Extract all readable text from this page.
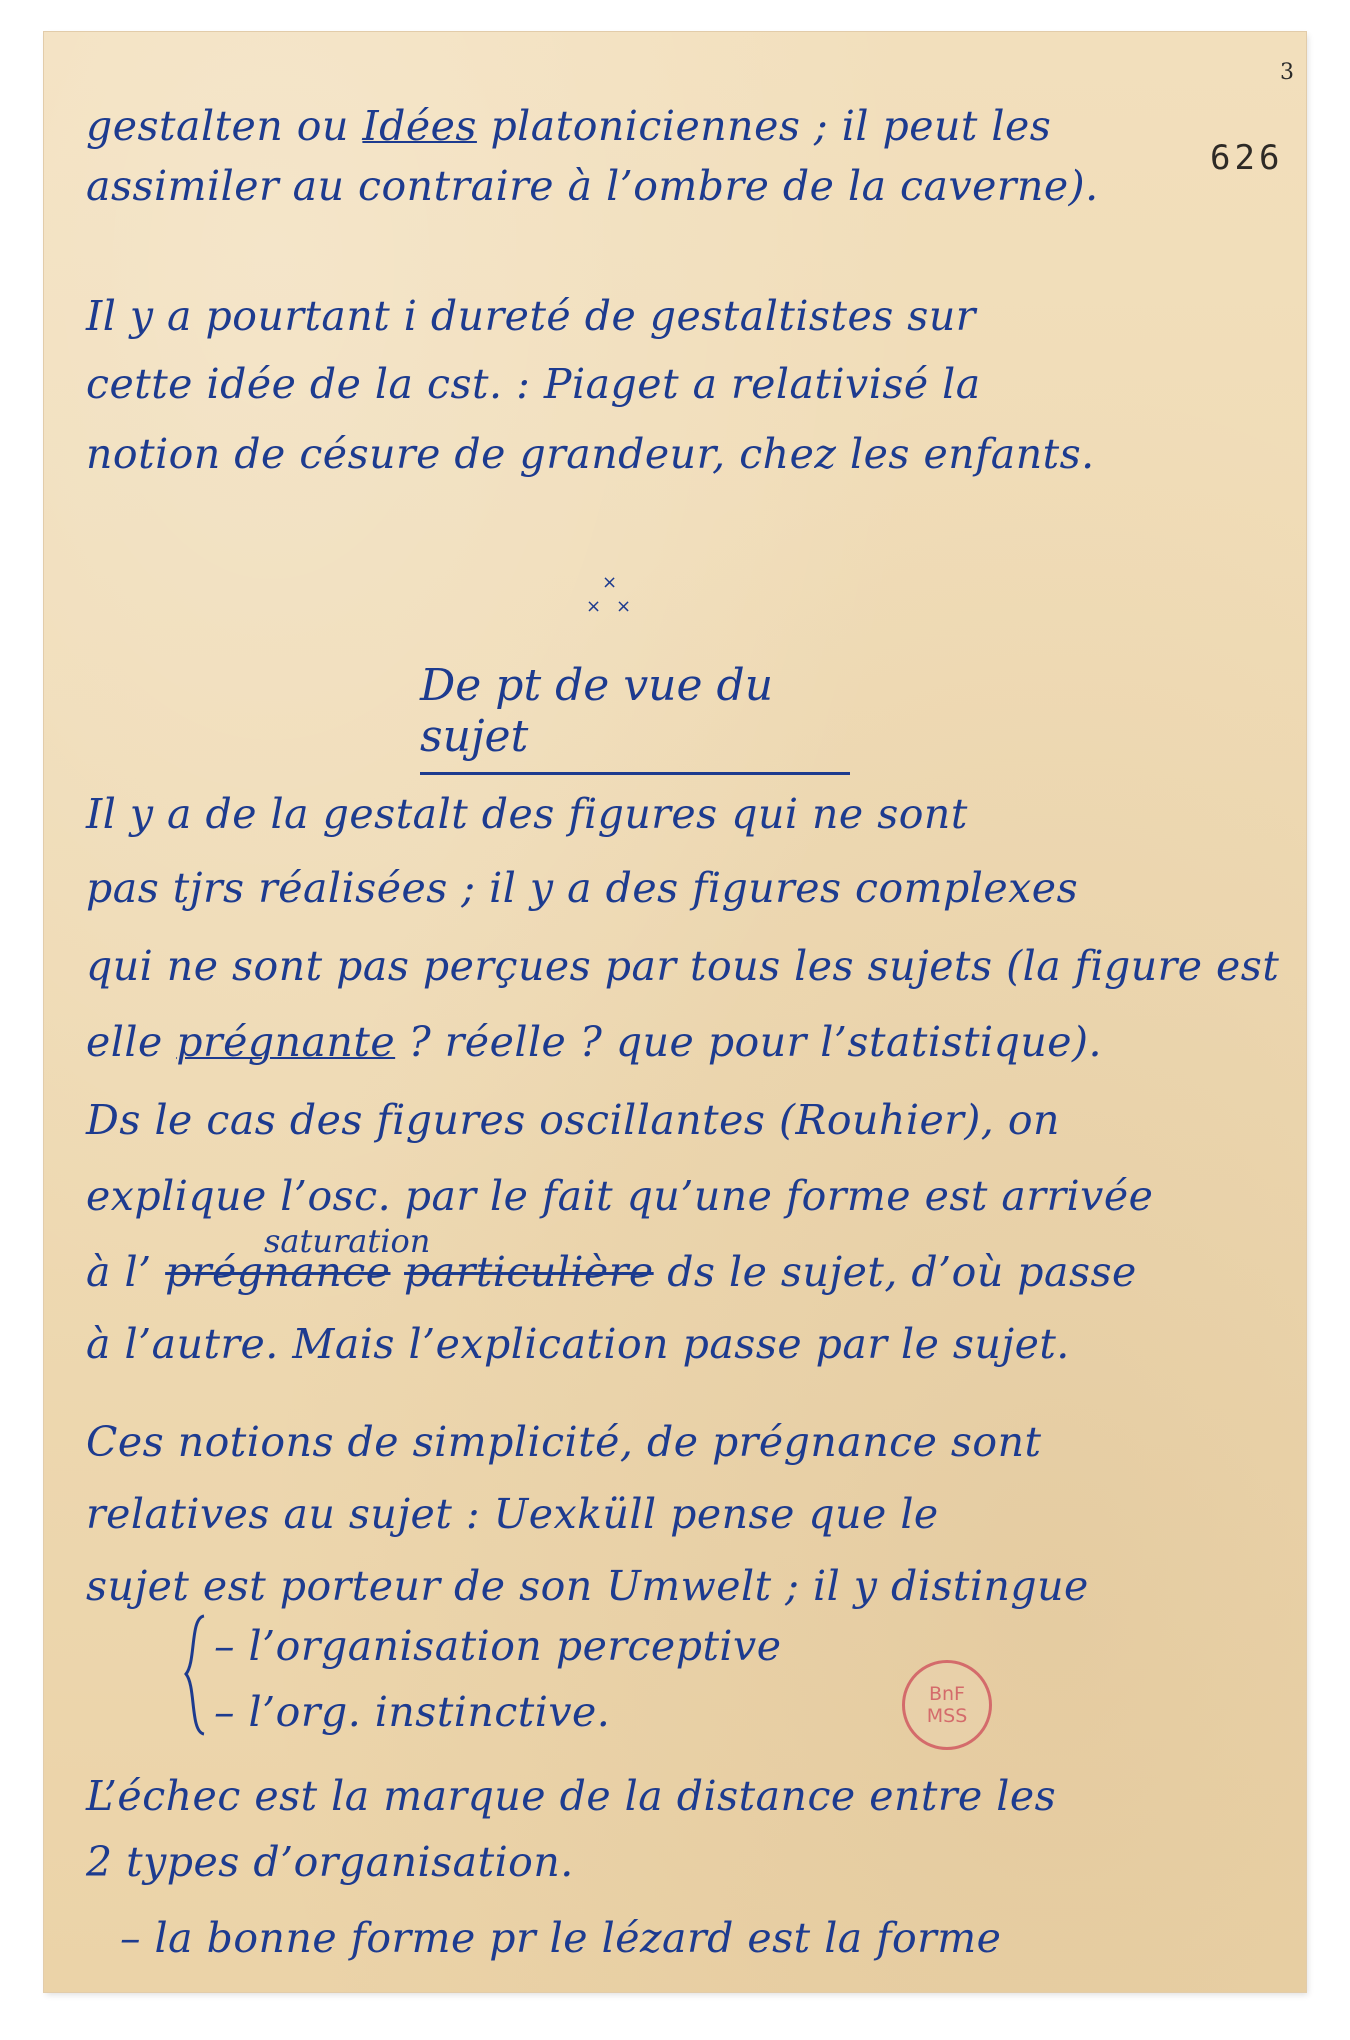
3
626
gestalten ou Idées platoniciennes ; il peut les
assimiler au contraire à l’ombre de la caverne).
Il y a pourtant i dureté de gestaltistes sur
cette idée de la cst. : Piaget a relativisé la
notion de césure de grandeur, chez les enfants.
×
× ×
De pt de vue du sujet
Il y a de la gestalt des figures qui ne sont
pas tjrs réalisées ; il y a des figures complexes
qui ne sont pas perçues par tous les sujets (la figure est
elle prégnante ? réelle ? que pour l’statistique).
Ds le cas des figures oscillantes (Rouhier), on
explique l’osc. par le fait qu’une forme est arrivée
saturation
à l’ prégnance particulière ds le sujet, d’où passe
à l’autre. Mais l’explication passe par le sujet.
Ces notions de simplicité, de prégnance sont
relatives au sujet : Uexküll pense que le
sujet est porteur de son Umwelt ; il y distingue
– l’organisation perceptive
– l’org. instinctive.
L’échec est la marque de la distance entre les
2 types d’organisation.
– la bonne forme pr le lézard est la forme
BnF
MSS
